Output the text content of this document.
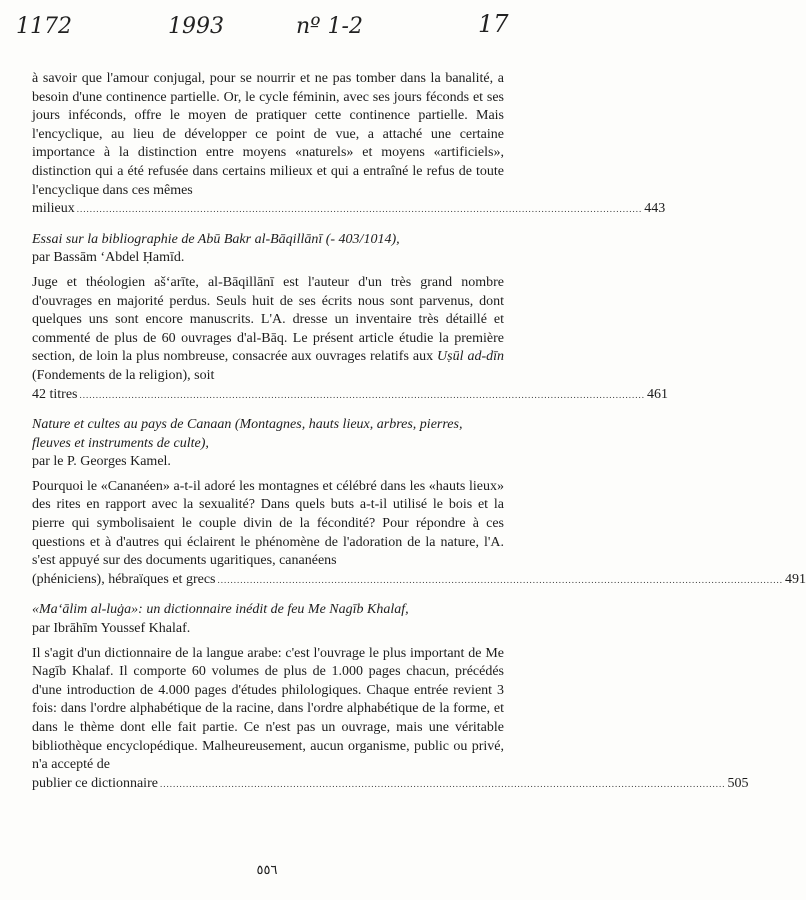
1172	1993	nº 1-2	17

à savoir que l'amour conjugal, pour se nourrir et ne pas tomber dans la banalité, a besoin d'une continence partielle. Or, le cycle féminin, avec ses jours féconds et ses jours inféconds, offre le moyen de pratiquer cette continence partielle. Mais l'encyclique, au lieu de développer ce point de vue, a attaché une certaine importance à la distinction entre moyens «naturels» et moyens «artificiels», distinction qui a été refusée dans certains milieux et qui a entraîné le refus de toute l'encyclique dans ces mêmes

milieux .............................................................................................................................................................................. 443

Essai sur la bibliographie de Abū Bakr al-Bāqillānī (- 403/1014),

par Bassām ‘Abdel Ḥamīd.

Juge et théologien aš‘arīte, al-Bāqillānī est l'auteur d'un très grand nombre d'ouvrages en majorité perdus. Seuls huit de ses écrits nous sont parvenus, dont quelques uns sont encore manuscrits. L'A. dresse un inventaire très détaillé et commenté de plus de 60 ouvrages d'al-Bāq. Le présent article étudie la première section, de loin la plus nombreuse, consacrée aux ouvrages relatifs aux Uṣūl ad-dīn (Fondements de la religion), soit

42 titres .............................................................................................................................................................................. 461

Nature et cultes au pays de Canaan (Montagnes, hauts lieux, arbres, pierres, fleuves et instruments de culte),

par le P. Georges Kamel.

Pourquoi le «Cananéen» a-t-il adoré les montagnes et célébré dans les «hauts lieux» des rites en rapport avec la sexualité? Dans quels buts a-t-il utilisé le bois et la pierre qui symbolisaient le couple divin de la fécondité? Pour répondre à ces questions et à d'autres qui éclairent le phénomène de l'adoration de la nature, l'A. s'est appuyé sur des documents ugaritiques, cananéens

(phéniciens), hébraïques et grecs .............................................................................................................................................................................. 491

«Ma‘ālim al-luġa»: un dictionnaire inédit de feu Me Nagīb Khalaf,

par Ibrāhīm Youssef Khalaf.

Il s'agit d'un dictionnaire de la langue arabe: c'est l'ouvrage le plus important de Me Nagīb Khalaf. Il comporte 60 volumes de plus de 1.000 pages chacun, précédés d'une introduction de 4.000 pages d'études philologiques. Chaque entrée revient 3 fois: dans l'ordre alphabétique de la racine, dans l'ordre alphabétique de la forme, et dans le thème dont elle fait partie. Ce n'est pas un ouvrage, mais une véritable bibliothèque encyclopédique. Malheureusement, aucun organisme, public ou privé, n'a accepté de

publier ce dictionnaire .............................................................................................................................................................................. 505
٥٥٦
